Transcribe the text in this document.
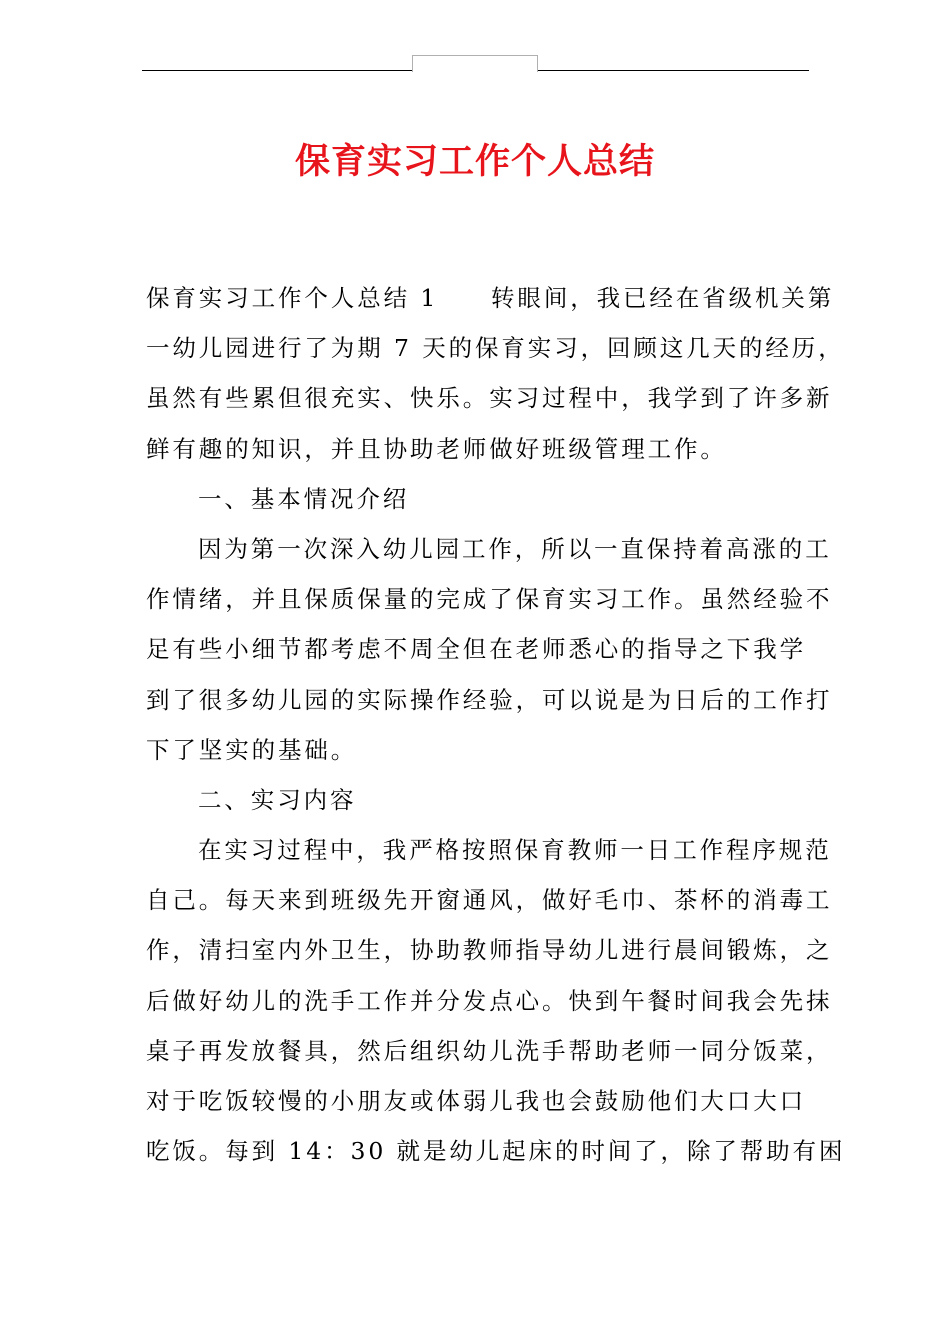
保育实习工作个人总结
保育实习工作个人总结 1　　转眼间，我已经在省级机关第
一幼儿园进行了为期 7 天的保育实习，回顾这几天的经历，
虽然有些累但很充实、快乐。实习过程中，我学到了许多新
鲜有趣的知识，并且协助老师做好班级管理工作。
一、基本情况介绍
因为第一次深入幼儿园工作，所以一直保持着高涨的工
作情绪，并且保质保量的完成了保育实习工作。虽然经验不
足有些小细节都考虑不周全但在老师悉心的指导之下我学
到了很多幼儿园的实际操作经验，可以说是为日后的工作打
下了坚实的基础。
二、实习内容
在实习过程中，我严格按照保育教师一日工作程序规范
自己。每天来到班级先开窗通风，做好毛巾、茶杯的消毒工
作，清扫室内外卫生，协助教师指导幼儿进行晨间锻炼，之
后做好幼儿的洗手工作并分发点心。快到午餐时间我会先抹
桌子再发放餐具，然后组织幼儿洗手帮助老师一同分饭菜，
对于吃饭较慢的小朋友或体弱儿我也会鼓励他们大口大口
吃饭。每到 14：30 就是幼儿起床的时间了，除了帮助有困
